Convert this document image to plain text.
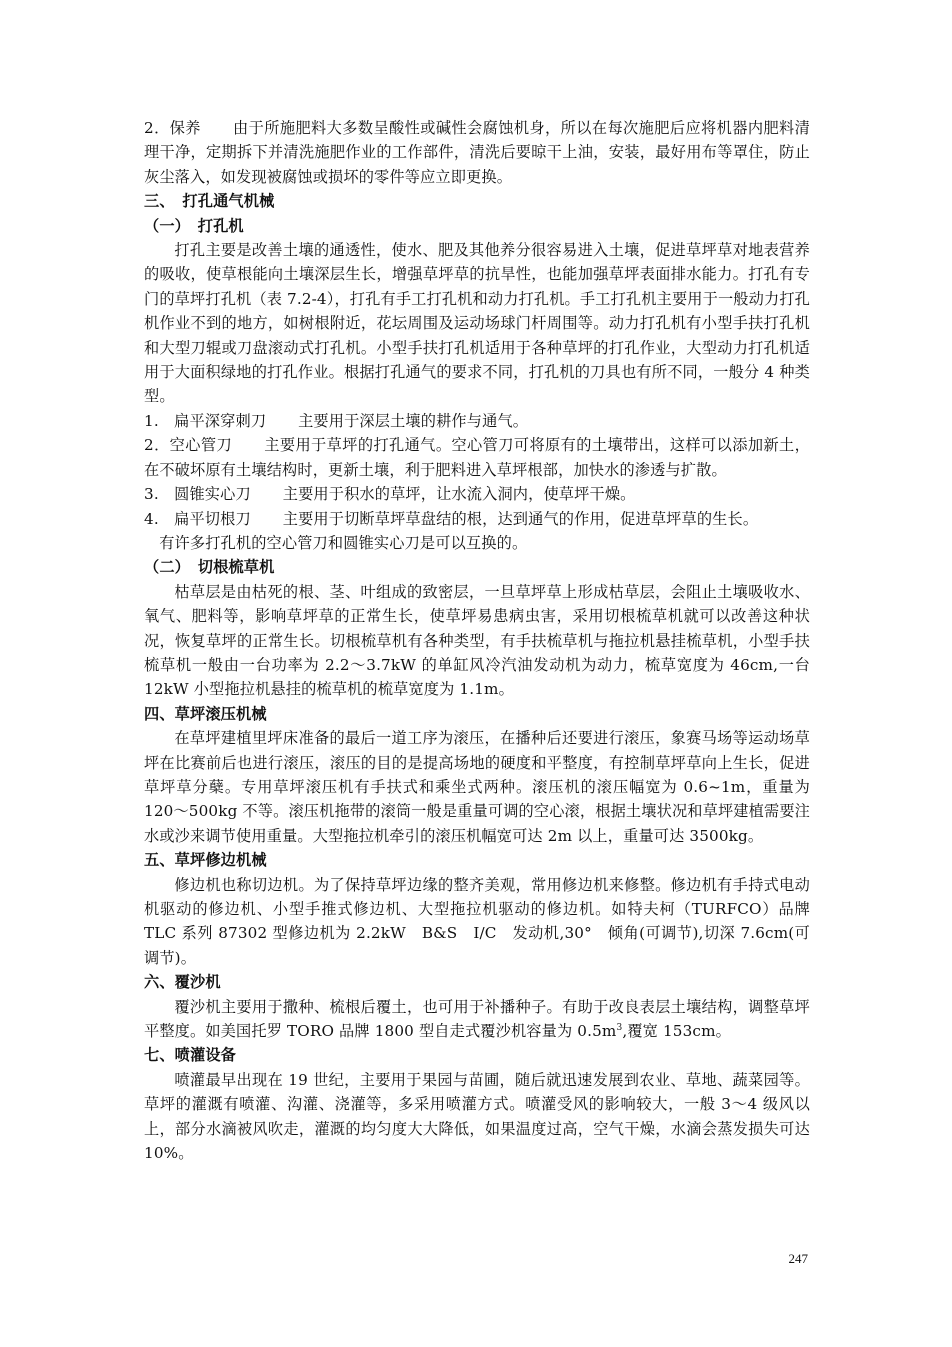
2．保养 由于所施肥料大多数呈酸性或碱性会腐蚀机身，所以在每次施肥后应将机器内肥料清理干净，定期拆下并清洗施肥作业的工作部件，清洗后要晾干上油，安装，最好用布等罩住，防止灰尘落入，如发现被腐蚀或损坏的零件等应立即更换。

三、　打孔通气机械

（一）　打孔机

打孔主要是改善土壤的通透性，使水、肥及其他养分很容易进入土壤，促进草坪草对地表营养的吸收，使草根能向土壤深层生长，增强草坪草的抗旱性，也能加强草坪表面排水能力。打孔有专门的草坪打孔机（表 7.2-4），打孔有手工打孔机和动力打孔机。手工打孔机主要用于一般动力打孔机作业不到的地方，如树根附近，花坛周围及运动场球门杆周围等。动力打孔机有小型手扶打孔机和大型刀辊或刀盘滚动式打孔机。小型手扶打孔机适用于各种草坪的打孔作业，大型动力打孔机适用于大面积绿地的打孔作业。根据打孔通气的要求不同，打孔机的刀具也有所不同，一般分 4 种类型。

1.　扁平深穿刺刀 主要用于深层土壤的耕作与通气。

2．空心管刀 主要用于草坪的打孔通气。空心管刀可将原有的土壤带出，这样可以添加新土，在不破坏原有土壤结构时，更新土壤，利于肥料进入草坪根部，加快水的渗透与扩散。

3.　圆锥实心刀 主要用于积水的草坪，让水流入洞内，使草坪干燥。

4.　扁平切根刀 主要用于切断草坪草盘结的根，达到通气的作用，促进草坪草的生长。

有许多打孔机的空心管刀和圆锥实心刀是可以互换的。

（二）　切根梳草机

枯草层是由枯死的根、茎、叶组成的致密层，一旦草坪草上形成枯草层，会阻止土壤吸收水、氧气、肥料等，影响草坪草的正常生长，使草坪易患病虫害，采用切根梳草机就可以改善这种状况，恢复草坪的正常生长。切根梳草机有各种类型，有手扶梳草机与拖拉机悬挂梳草机，小型手扶梳草机一般由一台功率为 2.2～3.7kW 的单缸风冷汽油发动机为动力，梳草宽度为 46cm,一台 12kW 小型拖拉机悬挂的梳草机的梳草宽度为 1.1m。

四、草坪滚压机械

在草坪建植里坪床准备的最后一道工序为滚压，在播种后还要进行滚压，象赛马场等运动场草坪在比赛前后也进行滚压，滚压的目的是提高场地的硬度和平整度，有控制草坪草向上生长，促进草坪草分蘖。专用草坪滚压机有手扶式和乘坐式两种。滚压机的滚压幅宽为 0.6~1m，重量为 120～500kg 不等。滚压机拖带的滚筒一般是重量可调的空心滚，根据土壤状况和草坪建植需要注水或沙来调节使用重量。大型拖拉机牵引的滚压机幅宽可达 2m 以上，重量可达 3500kg。

五、草坪修边机械

修边机也称切边机。为了保持草坪边缘的整齐美观，常用修边机来修整。修边机有手持式电动机驱动的修边机、小型手推式修边机、大型拖拉机驱动的修边机。如特夫柯（TURFCO）品牌 TLC 系列 87302 型修边机为 2.2kW　B&S　I/C　发动机,30°　倾角(可调节),切深 7.6cm(可调节)。

六、覆沙机

覆沙机主要用于撒种、梳根后覆土，也可用于补播种子。有助于改良表层土壤结构，调整草坪平整度。如美国托罗 TORO 品牌 1800 型自走式覆沙机容量为 $0.5m^3$,覆宽 153cm。

七、喷灌设备

喷灌最早出现在 19 世纪，主要用于果园与苗圃，随后就迅速发展到农业、草地、蔬菜园等。草坪的灌溉有喷灌、沟灌、浇灌等，多采用喷灌方式。喷灌受风的影响较大，一般 3～4 级风以上，部分水滴被风吹走，灌溉的均匀度大大降低，如果温度过高，空气干燥，水滴会蒸发损失可达 10%。

247
